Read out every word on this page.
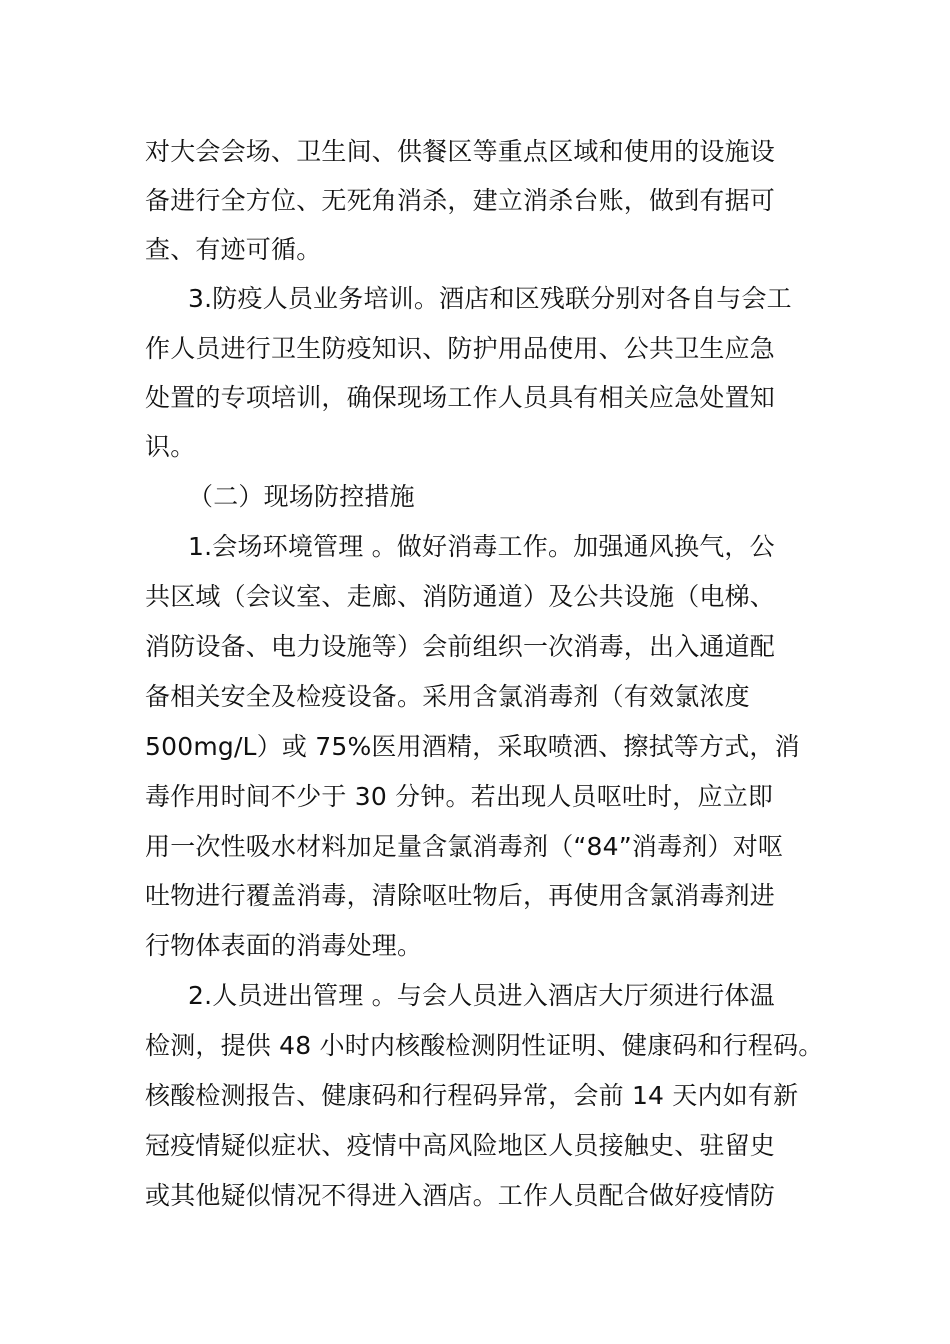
对大会会场、卫生间、供餐区等重点区域和使用的设施设
备进行全方位、无死角消杀，建立消杀台账，做到有据可
查、有迹可循。
3.防疫人员业务培训。酒店和区残联分别对各自与会工
作人员进行卫生防疫知识、防护用品使用、公共卫生应急
处置的专项培训，确保现场工作人员具有相关应急处置知
识。
（二）现场防控措施
1.会场环境管理 。做好消毒工作。加强通风换气，公
共区域（会议室、走廊、消防通道）及公共设施（电梯、
消防设备、电力设施等）会前组织一次消毒，出入通道配
备相关安全及检疫设备。采用含氯消毒剂（有效氯浓度
500mg/L）或 75%医用酒精，采取喷洒、擦拭等方式，消
毒作用时间不少于 30 分钟。若出现人员呕吐时，应立即
用一次性吸水材料加足量含氯消毒剂（“84”消毒剂）对呕
吐物进行覆盖消毒，清除呕吐物后，再使用含氯消毒剂进
行物体表面的消毒处理。
2.人员进出管理 。与会人员进入酒店大厅须进行体温
检测，提供 48 小时内核酸检测阴性证明、健康码和行程码。
核酸检测报告、健康码和行程码异常，会前 14 天内如有新
冠疫情疑似症状、疫情中高风险地区人员接触史、驻留史
或其他疑似情况不得进入酒店。工作人员配合做好疫情防
